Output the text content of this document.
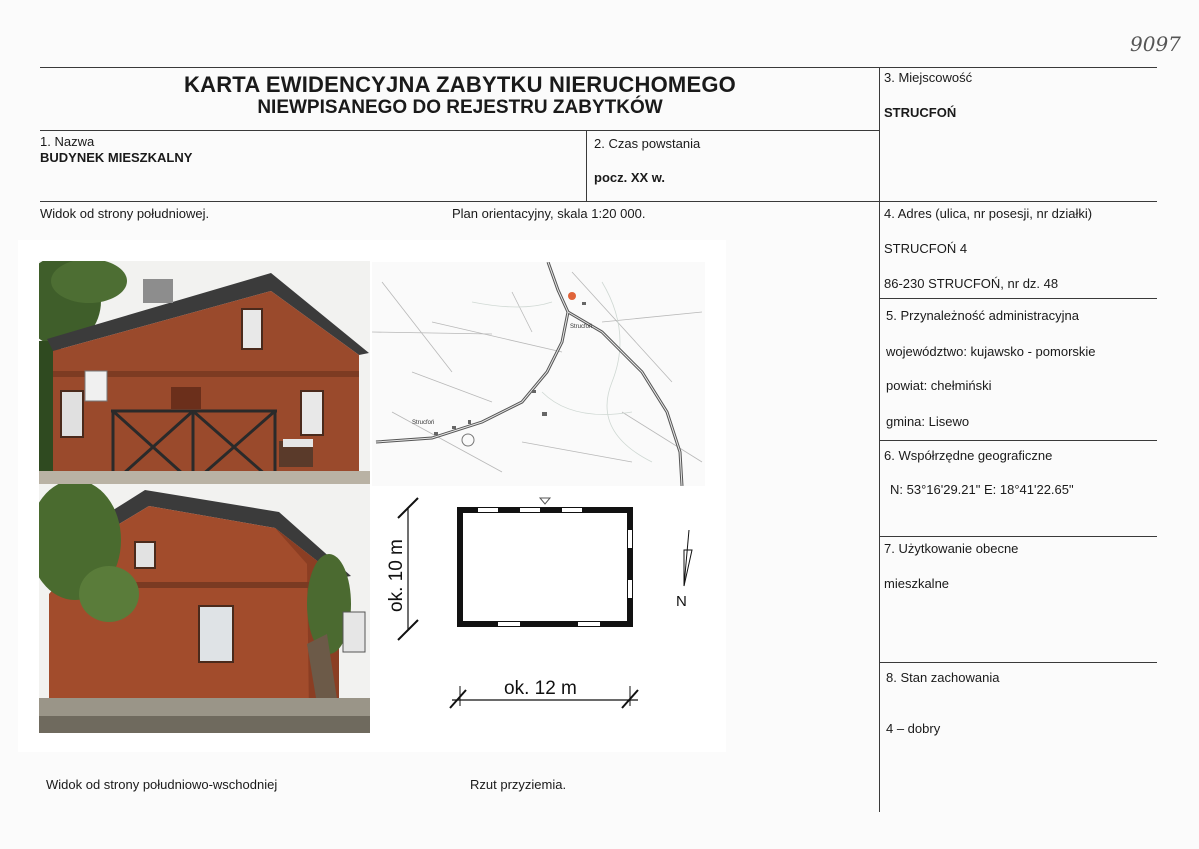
9097
KARTA EWIDENCYJNA ZABYTKU NIERUCHOMEGO
NIEWPISANEGO DO REJESTRU ZABYTKÓW
3. Miejscowość
STRUCFOŃ
1. Nazwa
BUDYNEK MIESZKALNY
2. Czas powstania
pocz. XX w.
Widok od strony południowej.	Plan orientacyjny, skala 1:20 000.	4. Adres (ulica, nr posesji, nr działki)
STRUCFOŃ 4
86-230 STRUCFOŃ, nr dz. 48
5. Przynależność administracyjna
województwo: kujawsko - pomorskie
powiat: chełmiński
gmina: Lisewo
6. Współrzędne geograficzne
N: 53°16'29.21" E: 18°41'22.65"
7. Użytkowanie obecne
mieszkalne
8. Stan zachowania
4 – dobry
Strucfoń
Strucfoń
ok. 10 m
ok. 12 m
N
Widok od strony południowo-wschodniej	Rzut przyziemia.
